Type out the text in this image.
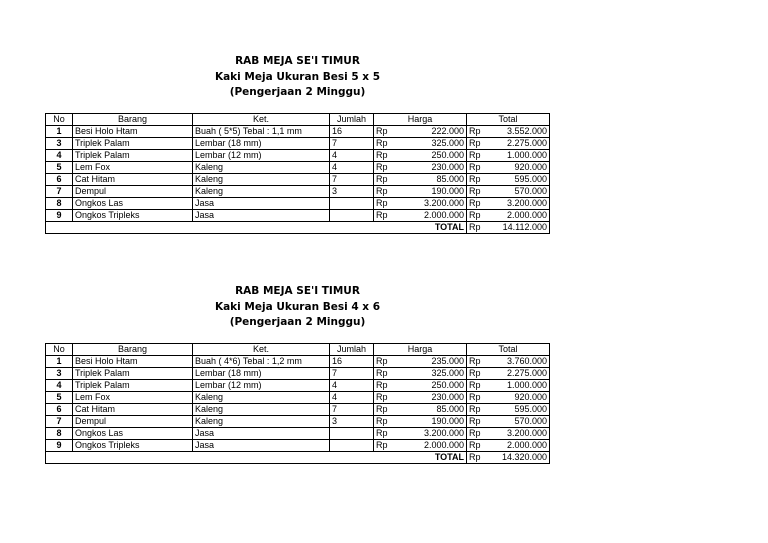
RAB MEJA SE'I TIMUR
Kaki Meja Ukuran Besi 5 x 5
(Pengerjaan 2 Minggu)
No	Barang	Ket.	Jumlah	Harga		Total	
1	Besi Holo Htam	Buah ( 5*5) Tebal : 1,1 mm	16	Rp	222.000	Rp	3.552.000
3	Triplek Palam	Lembar (18 mm)	7	Rp	325.000	Rp	2.275.000
4	Triplek Palam	Lembar (12 mm)	4	Rp	250.000	Rp	1.000.000
5	Lem Fox	Kaleng	4	Rp	230.000	Rp	920.000
6	Cat Hitam	Kaleng	7	Rp	85.000	Rp	595.000
7	Dempul	Kaleng	3	Rp	190.000	Rp	570.000
8	Ongkos Las	Jasa		Rp	3.200.000	Rp	3.200.000
9	Ongkos Tripleks	Jasa		Rp	2.000.000	Rp	2.000.000
				TOTAL		Rp	14.112.000
RAB MEJA SE'I TIMUR
Kaki Meja Ukuran Besi 4 x 6
(Pengerjaan 2 Minggu)
No	Barang	Ket.	Jumlah	Harga		Total	
1	Besi Holo Htam	Buah ( 4*6) Tebal : 1,2 mm	16	Rp	235.000	Rp	3.760.000
3	Triplek Palam	Lembar (18 mm)	7	Rp	325.000	Rp	2.275.000
4	Triplek Palam	Lembar (12 mm)	4	Rp	250.000	Rp	1.000.000
5	Lem Fox	Kaleng	4	Rp	230.000	Rp	920.000
6	Cat Hitam	Kaleng	7	Rp	85.000	Rp	595.000
7	Dempul	Kaleng	3	Rp	190.000	Rp	570.000
8	Ongkos Las	Jasa		Rp	3.200.000	Rp	3.200.000
9	Ongkos Tripleks	Jasa		Rp	2.000.000	Rp	2.000.000
				TOTAL		Rp	14.320.000
